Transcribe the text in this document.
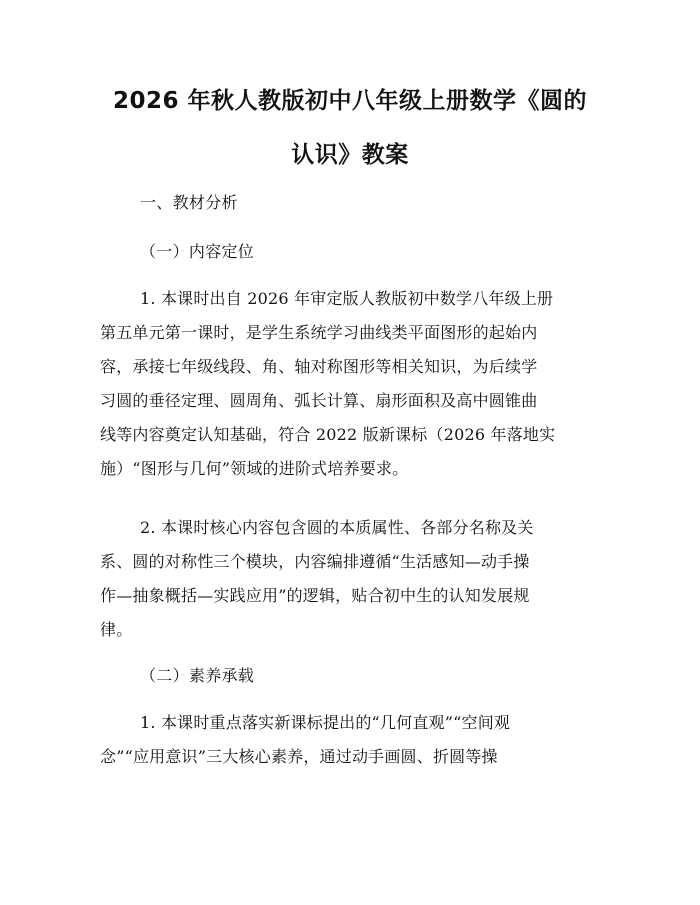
2026 年秋人教版初中八年级上册数学《圆的
认识》教案
一、教材分析
（一）内容定位
1. 本课时出自 2026 年审定版人教版初中数学八年级上册
第五单元第一课时，是学生系统学习曲线类平面图形的起始内
容，承接七年级线段、角、轴对称图形等相关知识，为后续学
习圆的垂径定理、圆周角、弧长计算、扇形面积及高中圆锥曲
线等内容奠定认知基础，符合 2022 版新课标（2026 年落地实
施）“图形与几何”领域的进阶式培养要求。
2. 本课时核心内容包含圆的本质属性、各部分名称及关
系、圆的对称性三个模块，内容编排遵循“生活感知—动手操
作—抽象概括—实践应用”的逻辑，贴合初中生的认知发展规
律。
（二）素养承载
1. 本课时重点落实新课标提出的“几何直观”“空间观
念”“应用意识”三大核心素养，通过动手画圆、折圆等操
